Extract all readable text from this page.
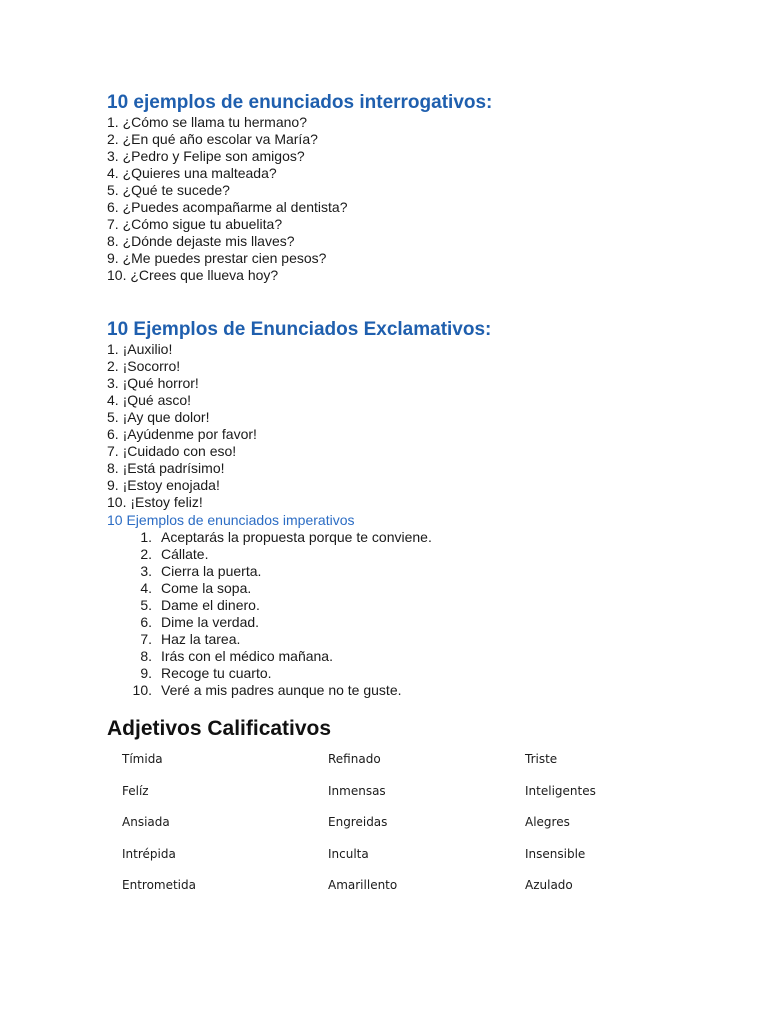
10 ejemplos de enunciados interrogativos:
1. ¿Cómo se llama tu hermano?
2. ¿En qué año escolar va María?
3. ¿Pedro y Felipe son amigos?
4. ¿Quieres una malteada?
5. ¿Qué te sucede?
6. ¿Puedes acompañarme al dentista?
7. ¿Cómo sigue tu abuelita?
8. ¿Dónde dejaste mis llaves?
9. ¿Me puedes prestar cien pesos?
10. ¿Crees que llueva hoy?
10 Ejemplos de Enunciados Exclamativos:
1. ¡Auxilio!
2. ¡Socorro!
3. ¡Qué horror!
4. ¡Qué asco!
5. ¡Ay que dolor!
6. ¡Ayúdenme por favor!
7. ¡Cuidado con eso!
8. ¡Está padrísimo!
9. ¡Estoy enojada!
10. ¡Estoy feliz!
10 Ejemplos de enunciados imperativos
1. Aceptarás la propuesta porque te conviene.
2. Cállate.
3. Cierra la puerta.
4. Come la sopa.
5. Dame el dinero.
6. Dime la verdad.
7. Haz la tarea.
8. Irás con el médico mañana.
9. Recoge tu cuarto.
10. Veré a mis padres aunque no te guste.
Adjetivos Calificativos
Tímida	Refinado	Triste
Felíz	Inmensas	Inteligentes
Ansiada	Engreidas	Alegres
Intrépida	Inculta	Insensible
Entrometida	Amarillento	Azulado
